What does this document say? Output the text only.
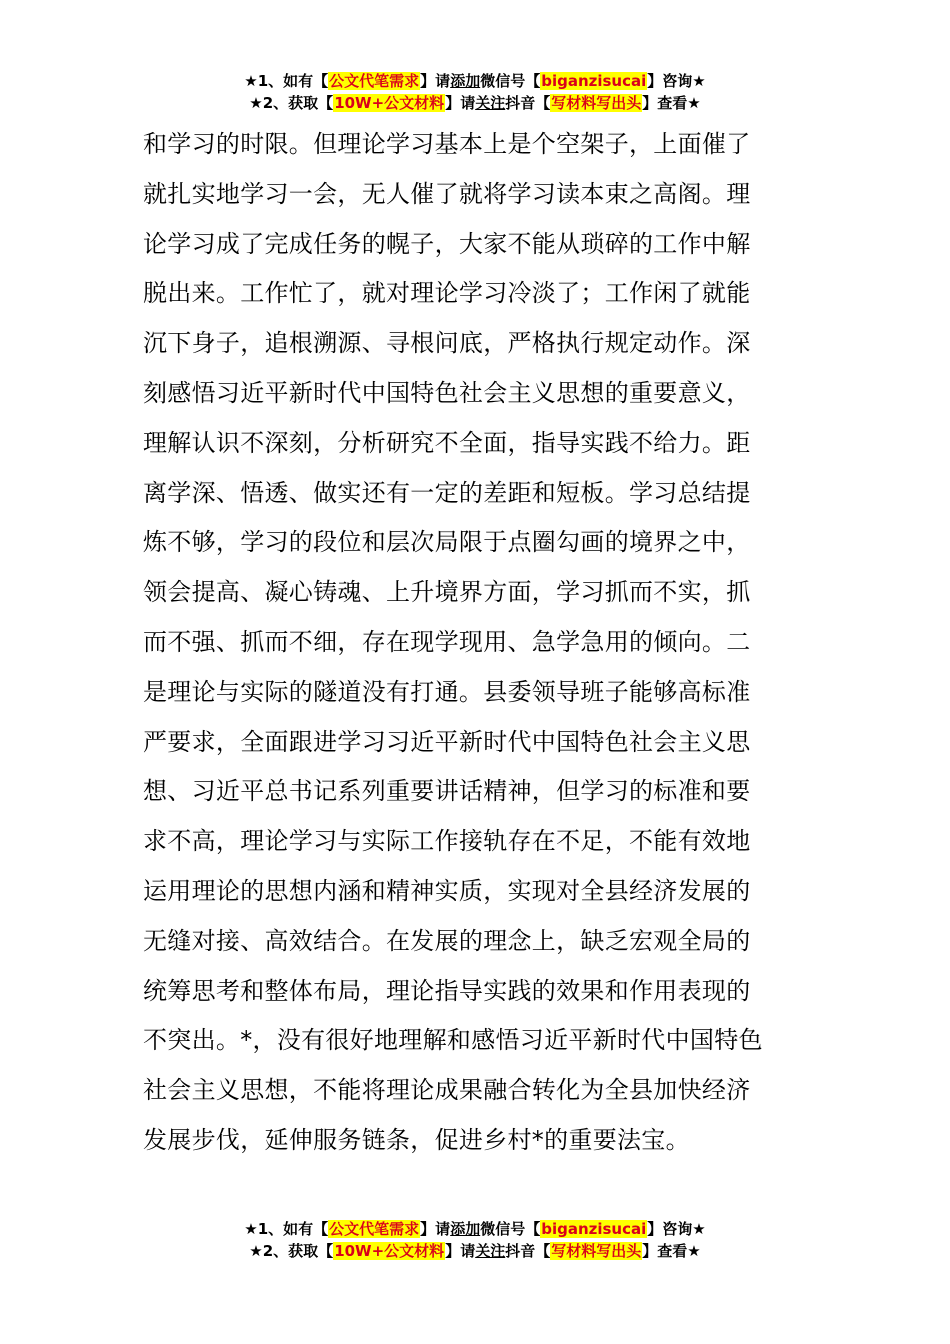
★1、如有【公文代笔需求】请添加微信号【biganzisucai】咨询★
★2、获取【10W+公文材料】请关注抖音【写材料写出头】查看★
和学习的时限。但理论学习基本上是个空架子，上面催了
就扎实地学习一会，无人催了就将学习读本束之高阁。理
论学习成了完成任务的幌子，大家不能从琐碎的工作中解
脱出来。工作忙了，就对理论学习冷淡了；工作闲了就能
沉下身子，追根溯源、寻根问底，严格执行规定动作。深
刻感悟习近平新时代中国特色社会主义思想的重要意义，
理解认识不深刻，分析研究不全面，指导实践不给力。距
离学深、悟透、做实还有一定的差距和短板。学习总结提
炼不够，学习的段位和层次局限于点圈勾画的境界之中，
领会提高、凝心铸魂、上升境界方面，学习抓而不实，抓
而不强、抓而不细，存在现学现用、急学急用的倾向。二
是理论与实际的隧道没有打通。县委领导班子能够高标准
严要求，全面跟进学习习近平新时代中国特色社会主义思
想、习近平总书记系列重要讲话精神，但学习的标准和要
求不高，理论学习与实际工作接轨存在不足，不能有效地
运用理论的思想内涵和精神实质，实现对全县经济发展的
无缝对接、高效结合。在发展的理念上，缺乏宏观全局的
统筹思考和整体布局，理论指导实践的效果和作用表现的
不突出。*，没有很好地理解和感悟习近平新时代中国特色
社会主义思想，不能将理论成果融合转化为全县加快经济
发展步伐，延伸服务链条，促进乡村*的重要法宝。
★1、如有【公文代笔需求】请添加微信号【biganzisucai】咨询★
★2、获取【10W+公文材料】请关注抖音【写材料写出头】查看★
